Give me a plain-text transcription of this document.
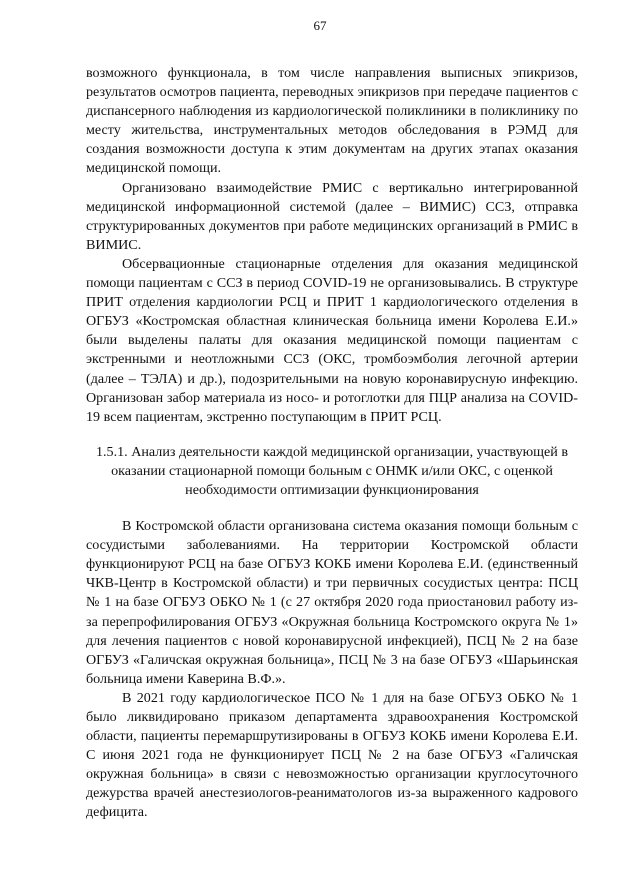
67

возможного функционала, в том числе направления выписных эпикризов, результатов осмотров пациента, переводных эпикризов при передаче пациентов с диспансерного наблюдения из кардиологической поликлиники в поликлинику по месту жительства, инструментальных методов обследования в РЭМД для создания возможности доступа к этим документам на других этапах оказания медицинской помощи.

Организовано взаимодействие РМИС с вертикально интегрированной медицинской информационной системой (далее – ВИМИС) ССЗ, отправка структурированных документов при работе медицинских организаций в РМИС в ВИМИС.

Обсервационные стационарные отделения для оказания медицинской помощи пациентам с ССЗ в период COVID-19 не организовывались. В структуре ПРИТ отделения кардиологии РСЦ и ПРИТ 1 кардиологического отделения в ОГБУЗ «Костромская областная клиническая больница имени Королева Е.И.» были выделены палаты для оказания медицинской помощи пациентам с экстренными и неотложными ССЗ (ОКС, тромбоэмболия легочной артерии (далее – ТЭЛА) и др.), подозрительными на новую коронавирусную инфекцию. Организован забор материала из носо- и ротоглотки для ПЦР анализа на COVID-19 всем пациентам, экстренно поступающим в ПРИТ РСЦ.

1.5.1. Анализ деятельности каждой медицинской организации, участвующей в оказании стационарной помощи больным с ОНМК и/или ОКС, с оценкой необходимости оптимизации функционирования

В Костромской области организована система оказания помощи больным с сосудистыми заболеваниями. На территории Костромской области функционируют РСЦ на базе ОГБУЗ КОКБ имени Королева Е.И. (единственный ЧКВ-Центр в Костромской области) и три первичных сосудистых центра: ПСЦ № 1 на базе ОГБУЗ ОБКО № 1 (с 27 октября 2020 года приостановил работу из-за перепрофилирования ОГБУЗ «Окружная больница Костромского округа № 1» для лечения пациентов с новой коронавирусной инфекцией), ПСЦ № 2 на базе ОГБУЗ «Галичская окружная больница», ПСЦ № 3 на базе ОГБУЗ «Шарьинская больница имени Каверина В.Ф.».

В 2021 году кардиологическое ПСО № 1 для на базе ОГБУЗ ОБКО № 1 было ликвидировано приказом департамента здравоохранения Костромской области, пациенты перемаршрутизированы в ОГБУЗ КОКБ имени Королева Е.И. С июня 2021 года не функционирует ПСЦ № 2 на базе ОГБУЗ «Галичская окружная больница» в связи с невозможностью организации круглосуточного дежурства врачей анестезиологов-реаниматологов из-за выраженного кадрового дефицита.
